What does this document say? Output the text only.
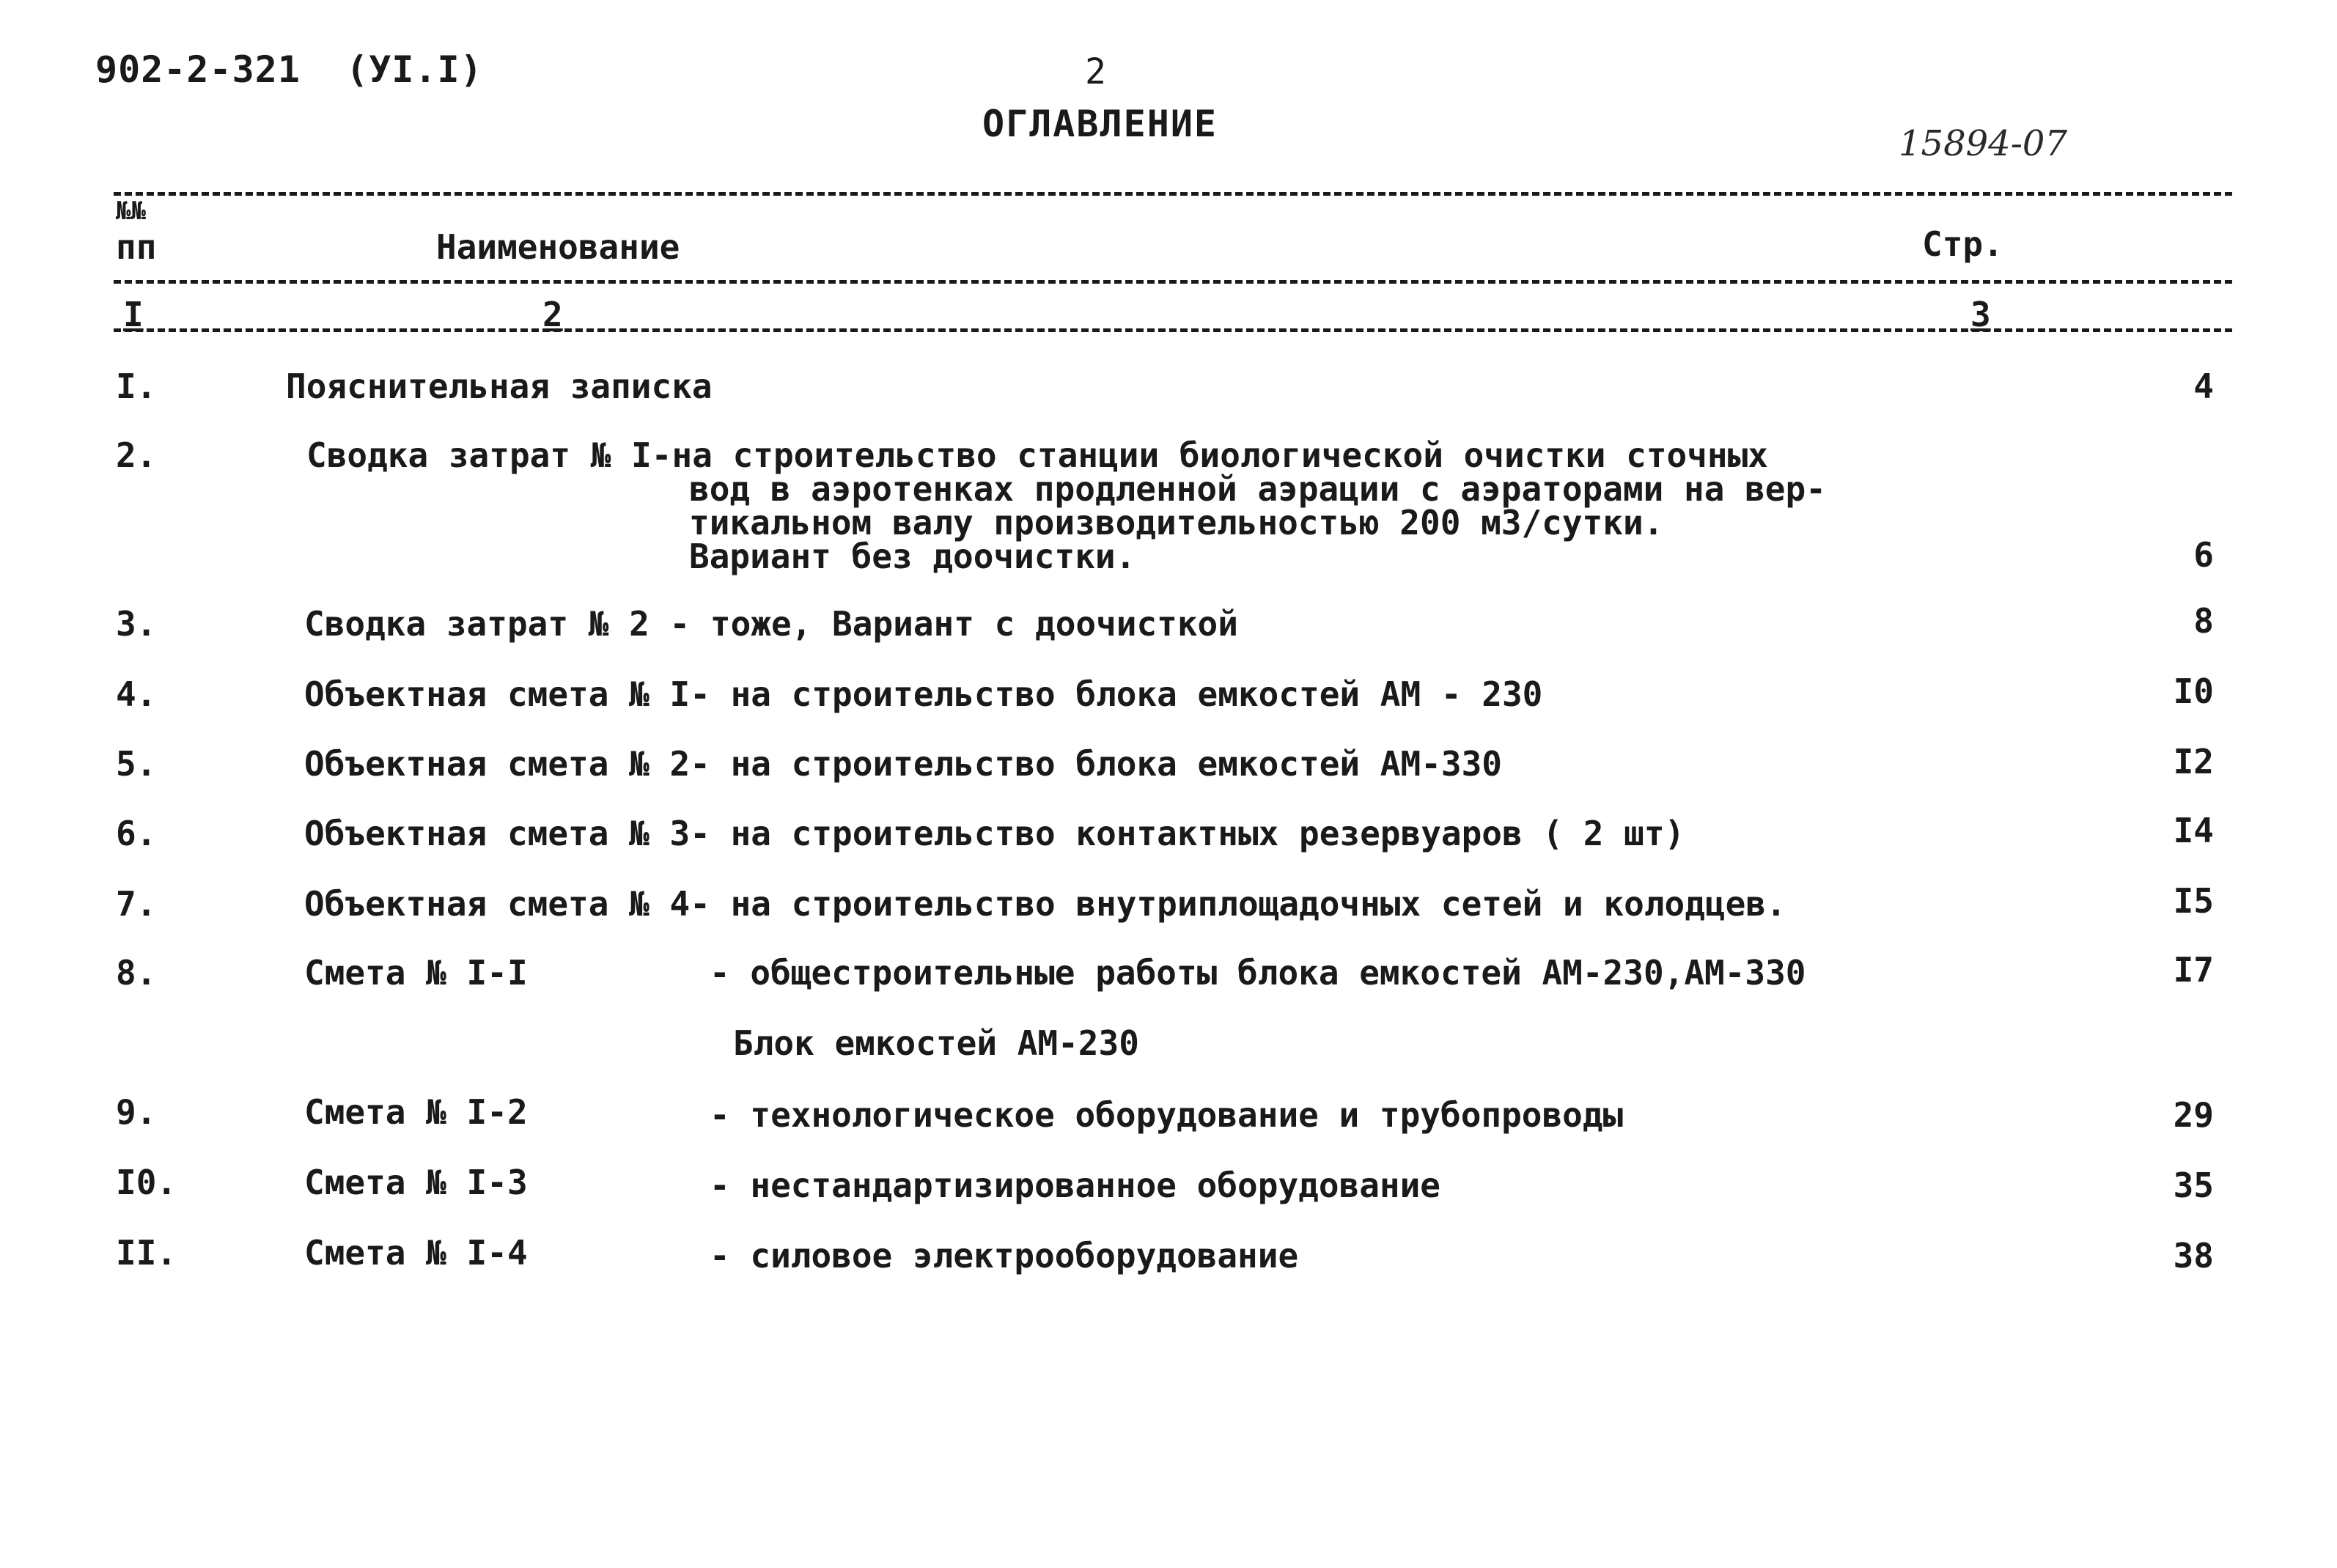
902-2-321  (УІ.І)	2
ОГЛАВЛЕНИЕ	15894-07
№№
пп	Наименование	Стр.
I	2	3
I.	Пояснительная записка	4
2.	Сводка затрат № I-на строительство станции биологической очистки сточных
вод в аэротенках продленной аэрации с аэраторами на вер-
тикальном валу производительностью 200 м3/сутки.
Вариант без доочистки.	6
3.	Сводка затрат № 2 - тоже, Вариант с доочисткой	8
4.	Объектная смета № I- на строительство блока емкостей АМ - 230	I0
5.	Объектная смета № 2- на строительство блока емкостей АМ-330	I2
6.	Объектная смета № 3- на строительство контактных резервуаров ( 2 шт)	I4
7.	Объектная смета № 4- на строительство внутриплощадочных сетей и колодцев.	I5
8.	Смета № I-I	- общестроительные работы блока емкостей АМ-230,АМ-330	I7
Блок емкостей АМ-230
9.	Смета № I-2	- технологическое оборудование и трубопроводы	29
I0.	Смета № I-3	- нестандартизированное оборудование	35
II.	Смета № I-4	- силовое электрооборудование	38
